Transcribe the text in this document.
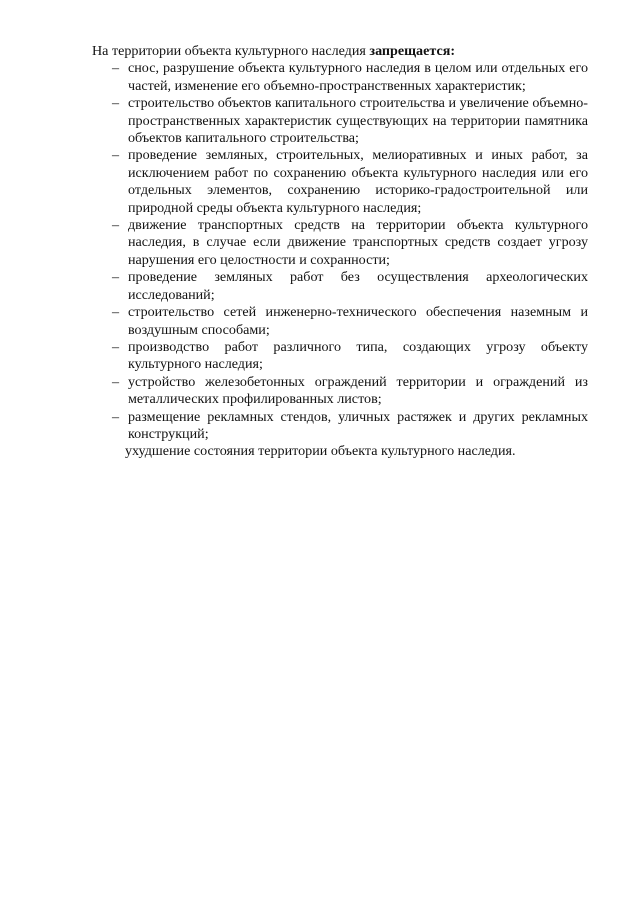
На территории объекта культурного наследия запрещается:

– снос, разрушение объекта культурного наследия в целом или отдельных его частей, изменение его объемно-пространственных характеристик;
– строительство объектов капитального строительства и увеличение объемно-пространственных характеристик существующих на территории памятника объектов капитального строительства;
– проведение земляных, строительных, мелиоративных и иных работ, за исключением работ по сохранению объекта культурного наследия или его отдельных элементов, сохранению историко-градостроительной или природной среды объекта культурного наследия;
– движение транспортных средств на территории объекта культурного наследия, в случае если движение транспортных средств создает угрозу нарушения его целостности и сохранности;
– проведение земляных работ без осуществления археологических исследований;
– строительство сетей инженерно-технического обеспечения наземным и воздушным способами;
– производство работ различного типа, создающих угрозу объекту культурного наследия;
– устройство железобетонных ограждений территории и ограждений из металлических профилированных листов;
– размещение рекламных стендов, уличных растяжек и других рекламных конструкций;

ухудшение состояния территории объекта культурного наследия.
